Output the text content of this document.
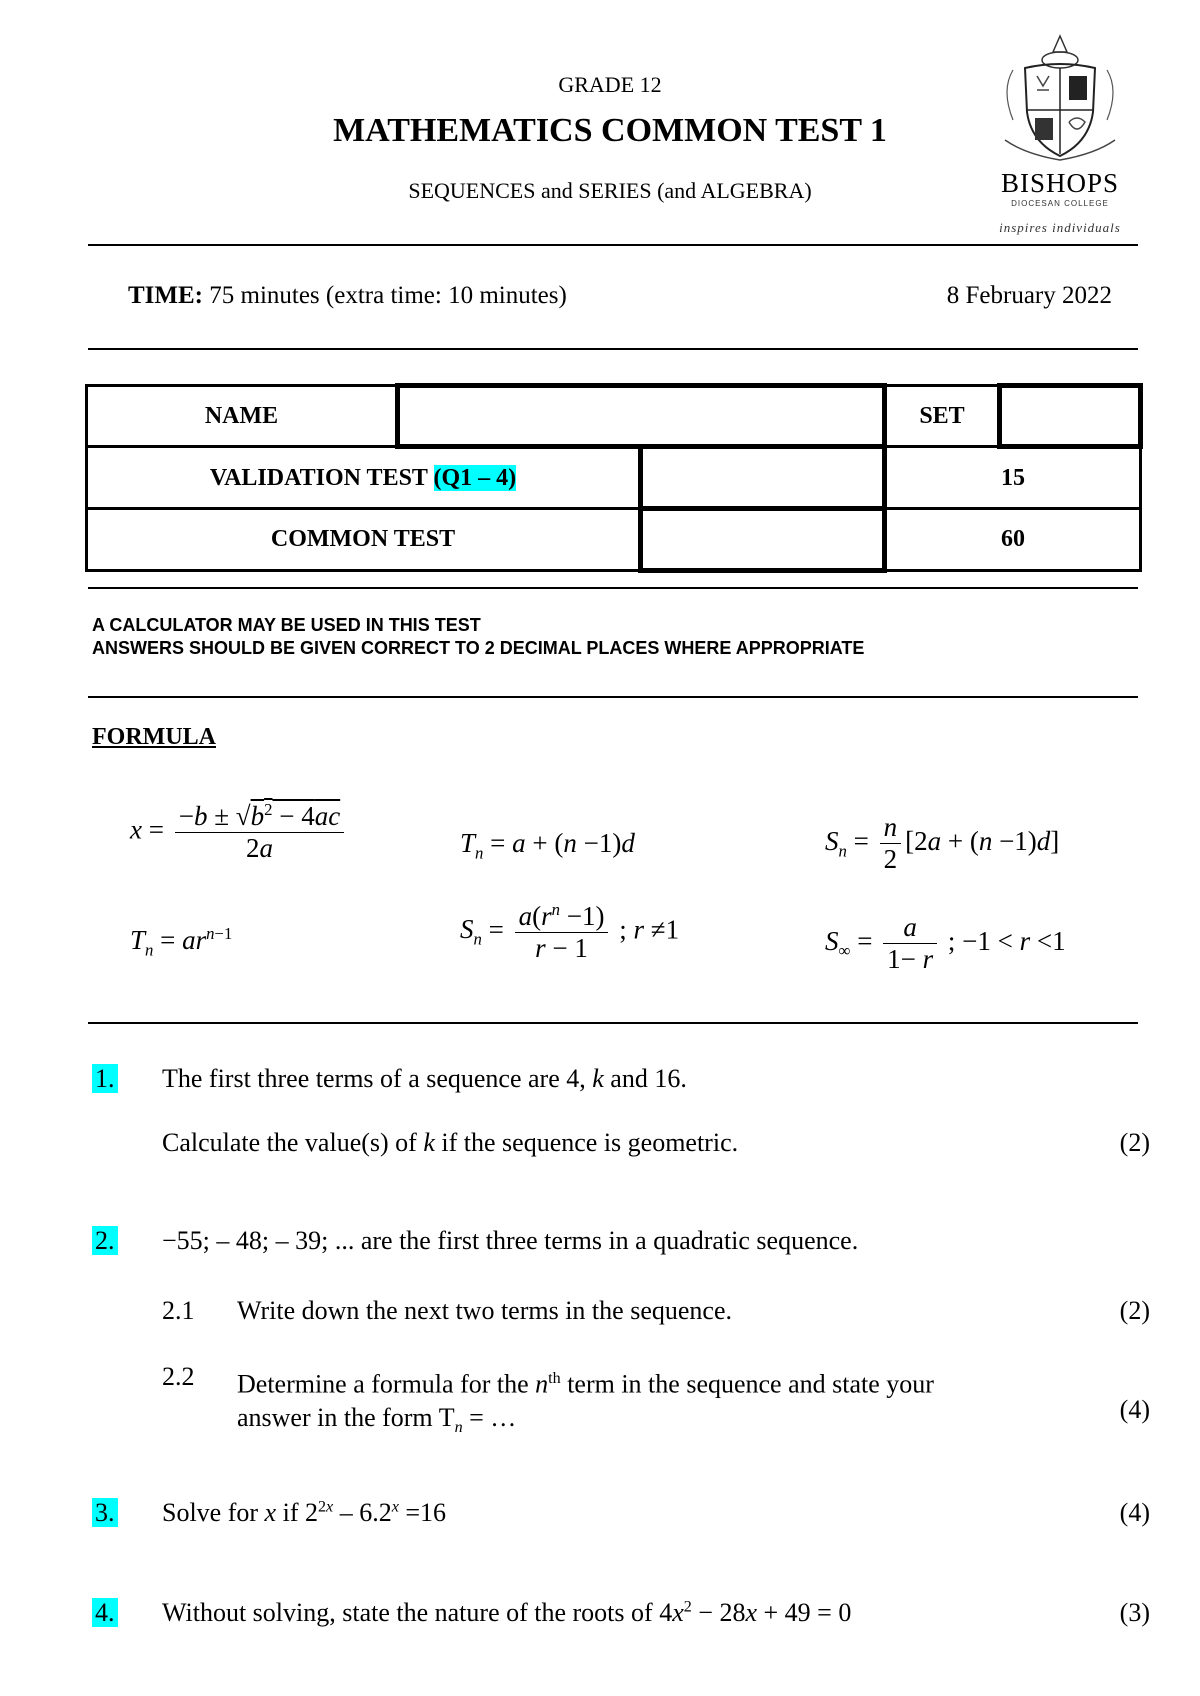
GRADE 12
MATHEMATICS COMMON TEST 1
SEQUENCES and SERIES (and ALGEBRA)	BISHOPS
DIOCESAN COLLEGE
inspires individuals
TIME: 75 minutes (extra time: 10 minutes)	8 February 2022
NAME			SET	
VALIDATION TEST (Q1 – 4)			15	
COMMON TEST			60	
A CALCULATOR MAY BE USED IN THIS TEST
ANSWERS SHOULD BE GIVEN CORRECT TO 2 DECIMAL PLACES WHERE APPROPRIATE
FORMULA
$x = \frac{-b \pm √b^2 - 4ac}{2a}$	$T_n = a + (n -1)d$	$S_n = \frac{n}{2} [2a + (n -1)d]$
$T_n = ar^{n-1}$	$S_n = \frac{a(r^n -1)}{r - 1}$ ; r ≠1	$S_\infty = \frac{a}{1- r}$ ; −1 < r <1
1. The first three terms of a sequence are 4, k and 16.
Calculate the value(s) of k if the sequence is geometric.	(2)
2. −55; – 48; – 39; ... are the first three terms in a quadratic sequence.
2.1 Write down the next two terms in the sequence.	(2)
2.2 Determine a formula for the $n^{th}$ term in the sequence and state your
answer in the form $T_n$ = …	(4)
3. Solve for x if $2^{2x} - 6.2^x =16$	(4)
4. Without solving, state the nature of the roots of $4x^2 - 28x + 49 = 0$	(3)
